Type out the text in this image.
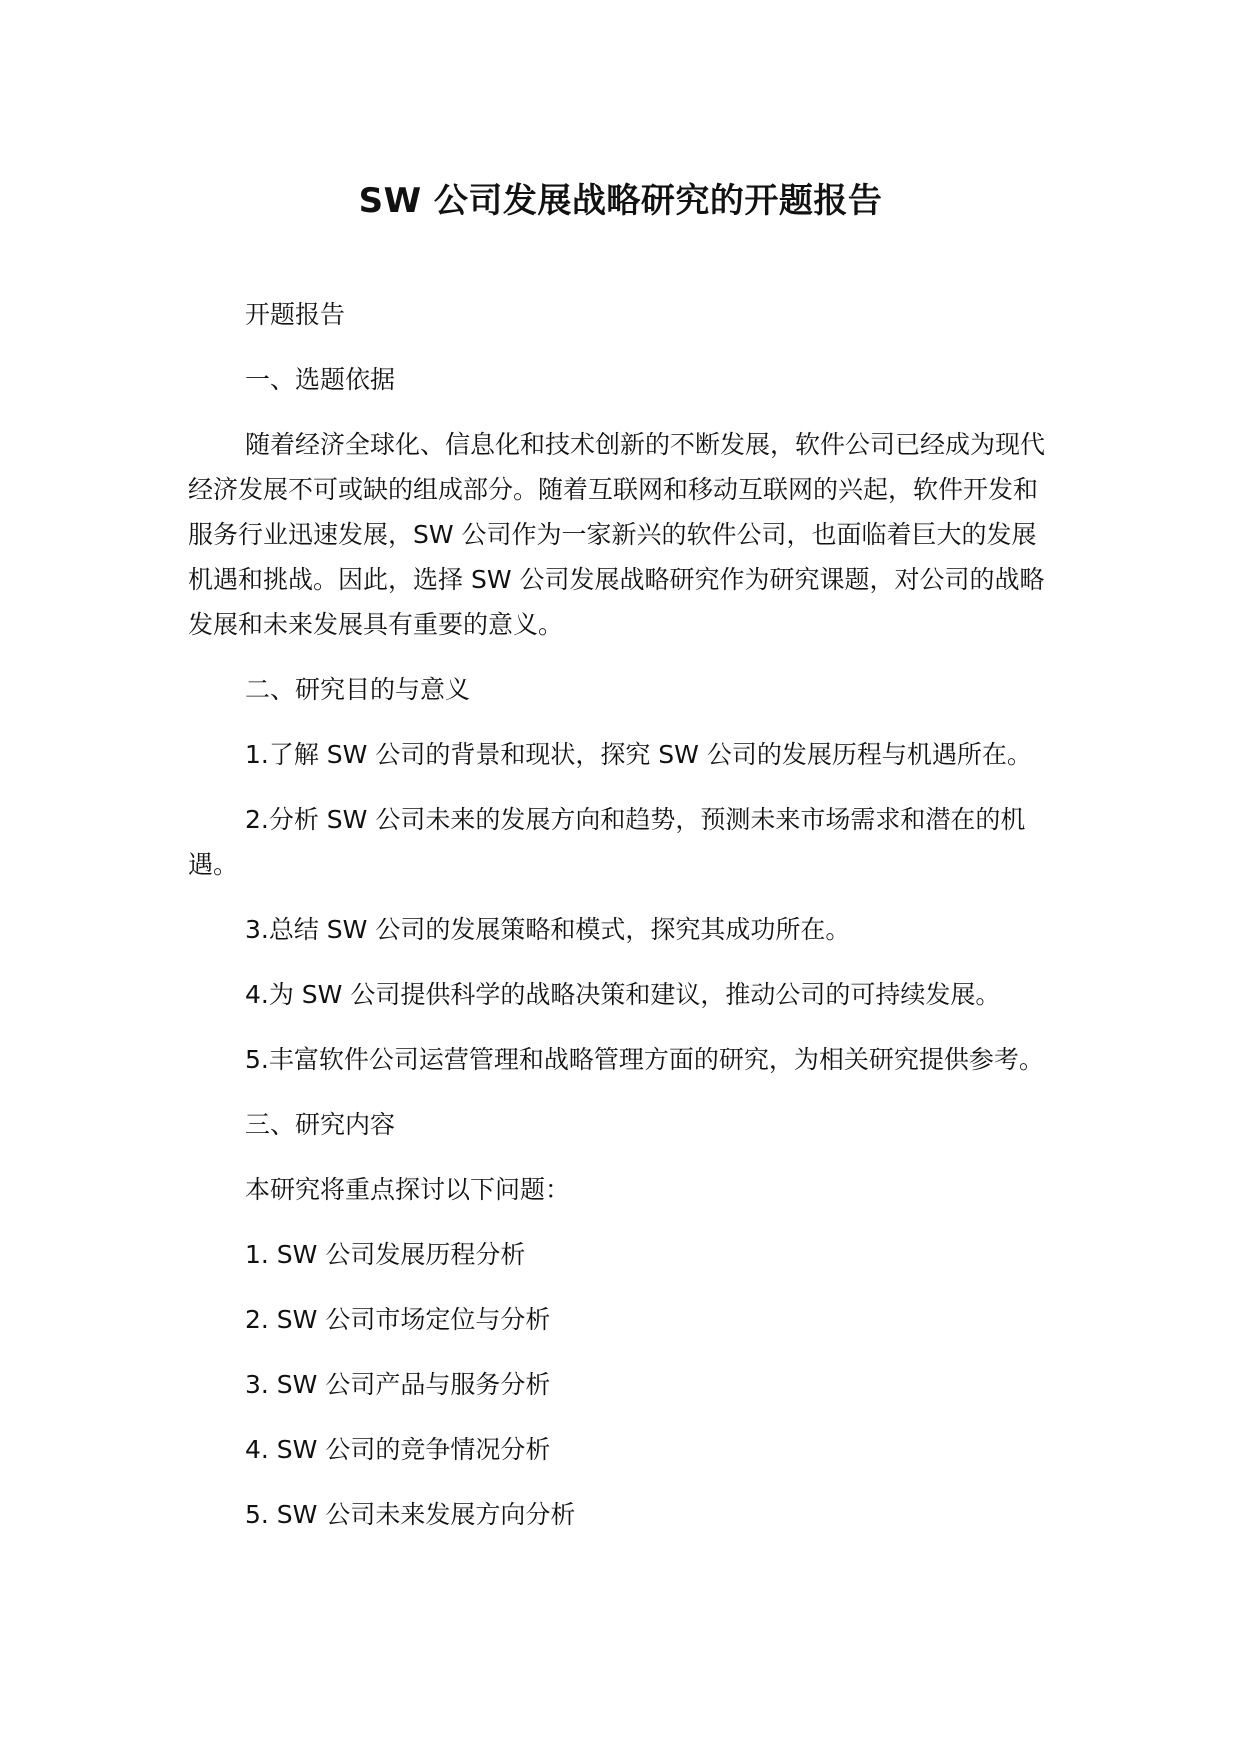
SW 公司发展战略研究的开题报告

开题报告

一、选题依据

随着经济全球化、信息化和技术创新的不断发展，软件公司已经成为现代经济发展不可或缺的组成部分。随着互联网和移动互联网的兴起，软件开发和服务行业迅速发展，SW 公司作为一家新兴的软件公司，也面临着巨大的发展机遇和挑战。因此，选择 SW 公司发展战略研究作为研究课题，对公司的战略发展和未来发展具有重要的意义。

二、研究目的与意义

1.了解 SW 公司的背景和现状，探究 SW 公司的发展历程与机遇所在。

2.分析 SW 公司未来的发展方向和趋势，预测未来市场需求和潜在的机遇。

3.总结 SW 公司的发展策略和模式，探究其成功所在。

4.为 SW 公司提供科学的战略决策和建议，推动公司的可持续发展。

5.丰富软件公司运营管理和战略管理方面的研究，为相关研究提供参考。

三、研究内容

本研究将重点探讨以下问题：

1. SW 公司发展历程分析

2. SW 公司市场定位与分析

3. SW 公司产品与服务分析

4. SW 公司的竞争情况分析

5. SW 公司未来发展方向分析
